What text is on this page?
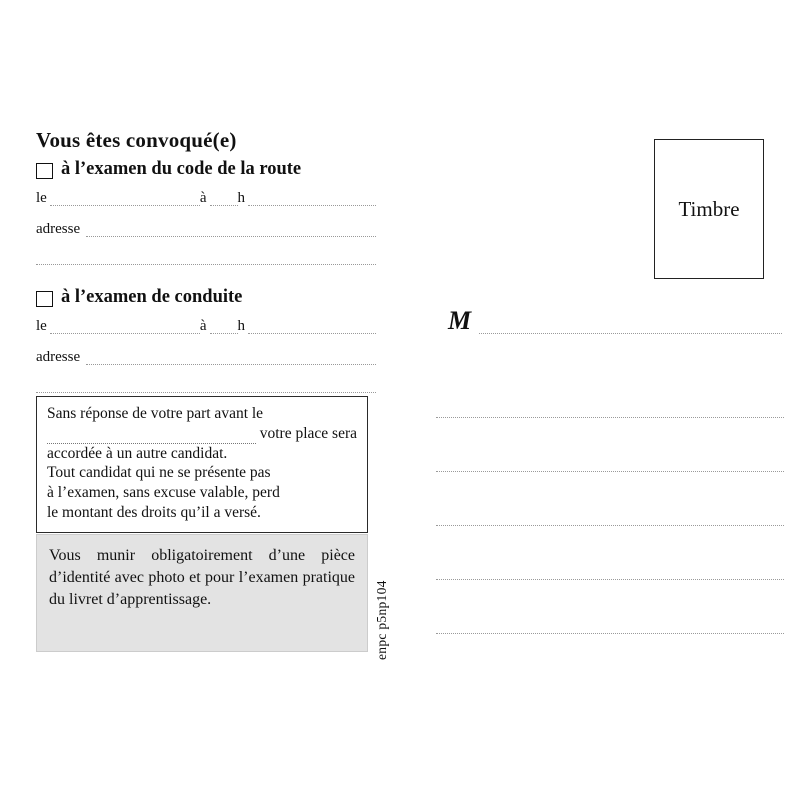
Vous êtes convoqué(e)
à l’examen du code de la route
le	à h
adresse
à l’examen de conduite
le	à h
adresse
Sans réponse de votre part avant le
votre place sera
accordée à un autre candidat.
Tout candidat qui ne se présente pas
à l’examen, sans excuse valable, perd
le montant des droits qu’il a versé.
Vous munir obligatoirement d’une pièce d’identité avec photo et pour l’examen pratique du livret d’apprentissage.	enpc p5np104
Timbre
M
